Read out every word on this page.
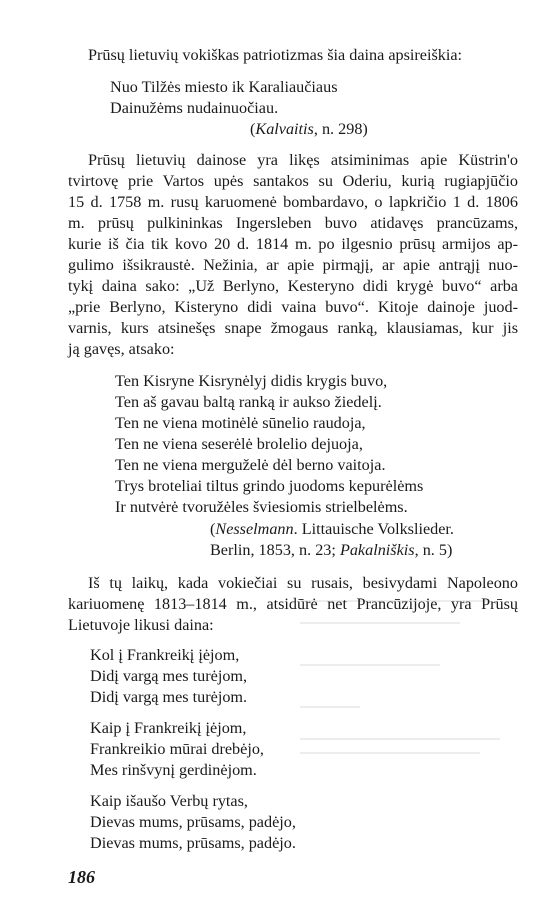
Prūsų lietuvių vokiškas patriotizmas šia daina apsireiškia:
Nuo Tilžės miesto ik Karaliaučiaus
Dainužėms nudainuočiau.
(Kalvaitis, n. 298)
Prūsų lietuvių dainose yra likęs atsiminimas apie Küstrin'o
tvirtovę prie Vartos upės santakos su Oderiu, kurią rugiapjūčio
15 d. 1758 m. rusų karuomenė bombardavo, o lapkričio 1 d. 1806
m. prūsų pulkininkas Ingersleben buvo atidavęs prancūzams,
kurie iš čia tik kovo 20 d. 1814 m. po ilgesnio prūsų armijos ap-
gulimo išsikraustė. Nežinia, ar apie pirmąjį, ar apie antrąjį nuo-
tykį daina sako: „Už Berlyno, Kesteryno didi krygė buvo“ arba
„prie Berlyno, Kisteryno didi vaina buvo“. Kitoje dainoje juod-
varnis, kurs atsinešęs snape žmogaus ranką, klausiamas, kur jis
ją gavęs, atsako:
Ten Kisryne Kisrynėlyj didis krygis buvo,
Ten aš gavau baltą ranką ir aukso žiedelį.
Ten ne viena motinėlė sūnelio raudoja,
Ten ne viena seserėlė brolelio dejuoja,
Ten ne viena merguželė dėl berno vaitoja.
Trys broteliai tiltus grindo juodoms kepurėlėms
Ir nutvėrė tvoružėles šviesiomis strielbelėms.
(Nesselmann. Littauische Volkslieder.
Berlin, 1853, n. 23; Pakalniškis, n. 5)
Iš tų laikų, kada vokiečiai su rusais, besivydami Napoleono
kariuomenę 1813–1814 m., atsidūrė net Prancūzijoje, yra Prūsų
Lietuvoje likusi daina:
Kol į Frankreikį įėjom,
Didį vargą mes turėjom,
Didį vargą mes turėjom.
Kaip į Frankreikį įėjom,
Frankreikio mūrai drebėjo,
Mes rinšvynį gerdinėjom.
Kaip išaušo Verbų rytas,
Dievas mums, prūsams, padėjo,
Dievas mums, prūsams, padėjo.
186
